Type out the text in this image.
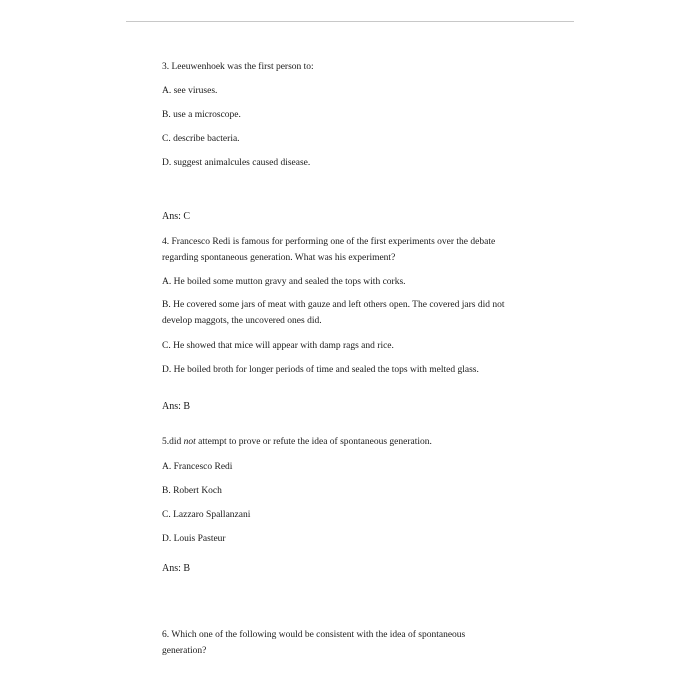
3. Leeuwenhoek was the first person to:
A. see viruses.
B. use a microscope.
C. describe bacteria.
D. suggest animalcules caused disease.
Ans: C
4. Francesco Redi is famous for performing one of the first experiments over the debate
regarding spontaneous generation. What was his experiment?
A. He boiled some mutton gravy and sealed the tops with corks.
B. He covered some jars of meat with gauze and left others open. The covered jars did not
develop maggots, the uncovered ones did.
C. He showed that mice will appear with damp rags and rice.
D. He boiled broth for longer periods of time and sealed the tops with melted glass.
Ans: B
5.did not attempt to prove or refute the idea of spontaneous generation.
A. Francesco Redi
B. Robert Koch
C. Lazzaro Spallanzani
D. Louis Pasteur
Ans: B
6. Which one of the following would be consistent with the idea of spontaneous
generation?
